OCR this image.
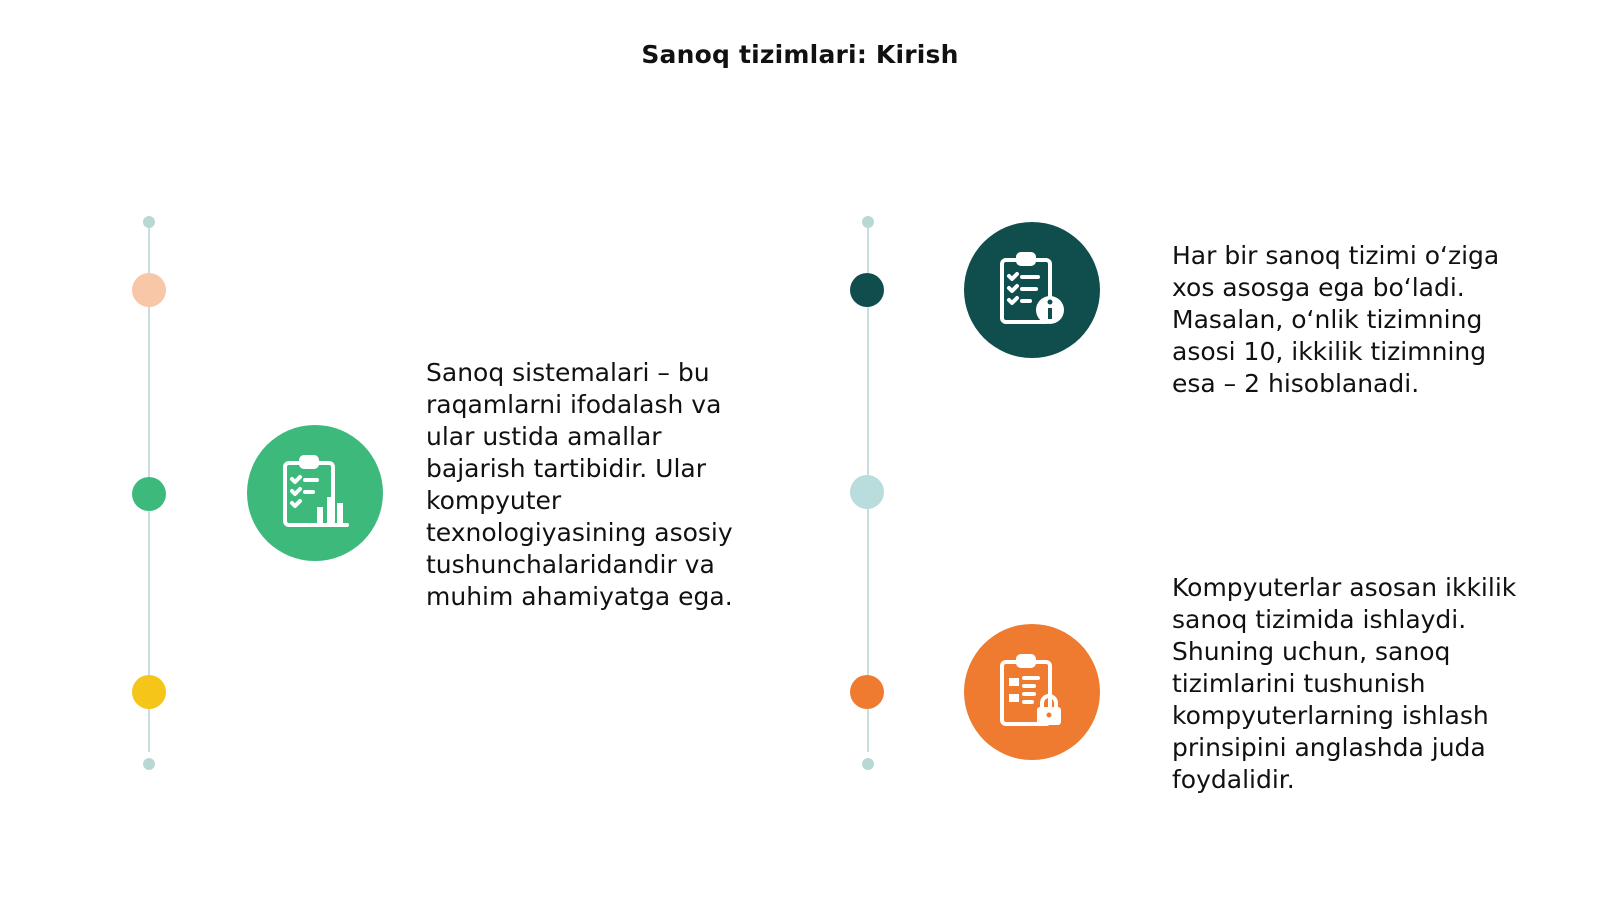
Sanoq tizimlari: Kirish
Sanoq sistemalari – bu raqamlarni ifodalash va ular ustida amallar bajarish tartibidir. Ular kompyuter texnologiyasining asosiy tushunchalaridandir va muhim ahamiyatga ega.
Har bir sanoq tizimi oʻziga xos asosga ega boʻladi. Masalan, oʻnlik tizimning asosi 10, ikkilik tizimning esa – 2 hisoblanadi.
Kompyuterlar asosan ikkilik sanoq tizimida ishlaydi. Shuning uchun, sanoq tizimlarini tushunish kompyuterlarning ishlash prinsipini anglashda juda foydalidir.
